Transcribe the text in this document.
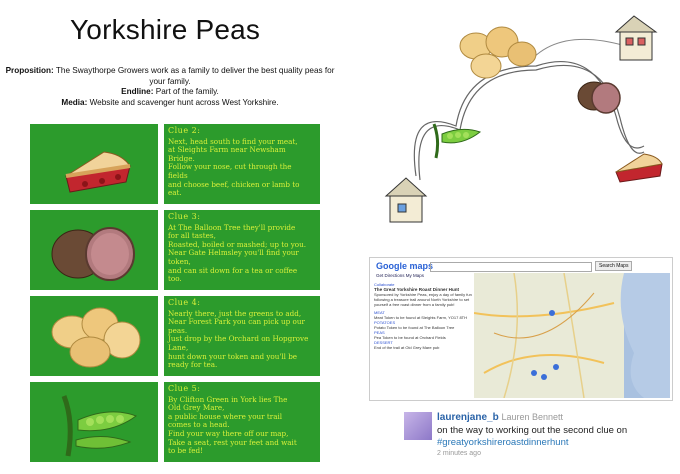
Yorkshire Peas
Proposition: The Swaythorpe Growers work as a family to deliver the best quality peas for your family.
Endline: Part of the family.
Media: Website and scavenger hunt across West Yorkshire.
Clue 2:
Next, head south to find your meat,
at Sleights Farm near Newsham
Bridge.
Follow your nose, cut through the
fields
and choose beef, chicken or lamb to
eat.
Clue 3:
At The Balloon Tree they'll provide
for all tastes,
Roasted, boiled or mashed; up to you.
Near Gate Helmsley you'll find your
token,
and can sit down for a tea or coffee
too.
Clue 4:
Nearly there, just the greens to add,
Near Forest Park you can pick up our
peas.
Just drop by the Orchard on Hopgrove
Lane,
hunt down your token and you'll be
ready for tea.
Clue 5:
By Clifton Green in York lies The
Old Grey Mare,
a public house where your trail
comes to a head.
Find your way there off our map,
Take a seat, rest your feet and wait
to be fed!
Google maps	Search Maps
Get Directions My Maps
Collaborate
The Great Yorkshire Roast Dinner Hunt
Sponsored by Yorkshire Peas, enjoy a day of family fun following a treasure trail around North Yorkshire to set yourself a free roast dinner from a family pub!
MEAT
Meat Token to be found at Sleights Farm, YO17 8TH
POTATOES
Potato Token to be found at The Balloon Tree
PEAS
Pea Token to be found at Orchard Fields
DESSERT
End of the trail at Old Grey Mare pub
laurenjane_b Lauren Bennett
on the way to working out the second clue on
#greatyorkshireroastdinnerhunt
2 minutes ago
